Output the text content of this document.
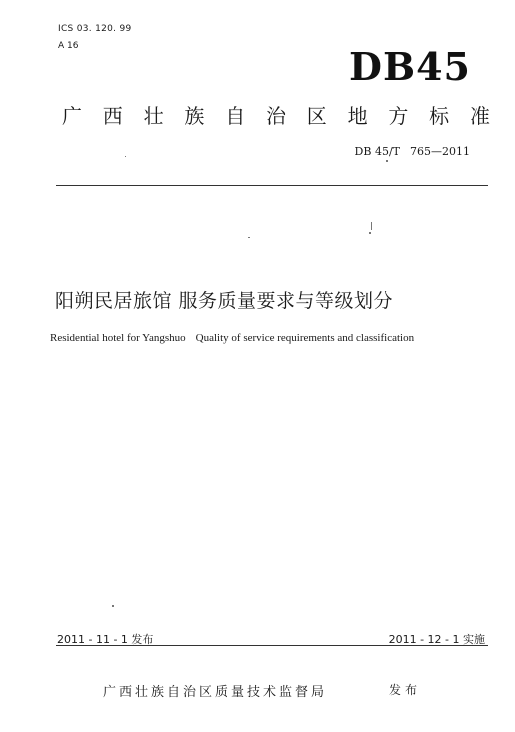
ICS 03. 120. 99
A 16	DB45
广 西 壮 族 自 治 区 地 方 标 准
DB 45/T 765—2011
阳朔民居旅馆 服务质量要求与等级划分
Residential hotel for Yangshuo Quality of service requirements and classification
2011 - 11 - 1 发布	2011 - 12 - 1 实施
广西壮族自治区质量技术监督局	发布
